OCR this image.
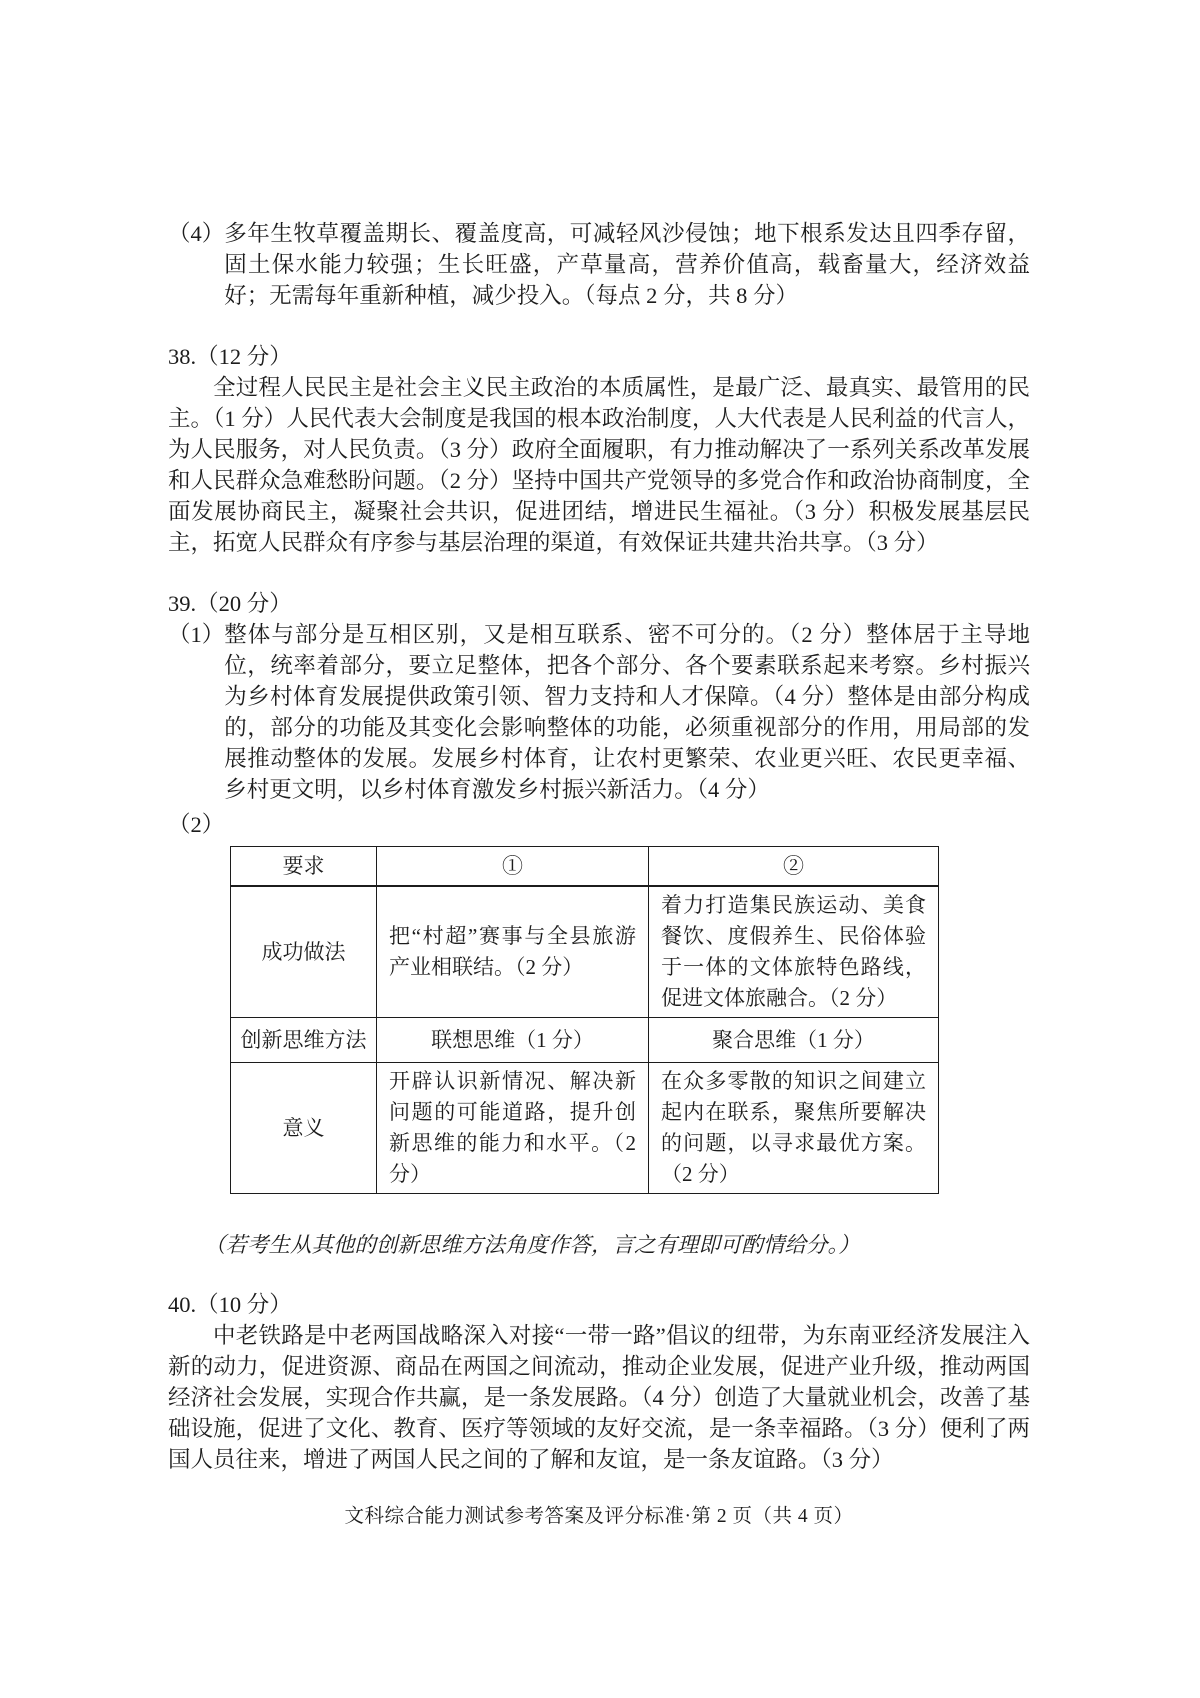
（4） 多年生牧草覆盖期长、覆盖度高，可减轻风沙侵蚀；地下根系发达且四季存留，固土保水能力较强；生长旺盛，产草量高，营养价值高，载畜量大，经济效益好；无需每年重新种植，减少投入。（每点 2 分，共 8 分）
38.（12 分）
全过程人民民主是社会主义民主政治的本质属性，是最广泛、最真实、最管用的民主。（1 分）人民代表大会制度是我国的根本政治制度，人大代表是人民利益的代言人，为人民服务，对人民负责。（3 分）政府全面履职，有力推动解决了一系列关系改革发展和人民群众急难愁盼问题。（2 分）坚持中国共产党领导的多党合作和政治协商制度，全面发展协商民主，凝聚社会共识，促进团结，增进民生福祉。（3 分）积极发展基层民主，拓宽人民群众有序参与基层治理的渠道，有效保证共建共治共享。（3 分）
39.（20 分）
（1） 整体与部分是互相区别，又是相互联系、密不可分的。（2 分）整体居于主导地位，统率着部分，要立足整体，把各个部分、各个要素联系起来考察。乡村振兴为乡村体育发展提供政策引领、智力支持和人才保障。（4 分）整体是由部分构成的，部分的功能及其变化会影响整体的功能，必须重视部分的作用，用局部的发展推动整体的发展。发展乡村体育，让农村更繁荣、农业更兴旺、农民更幸福、乡村更文明，以乡村体育激发乡村振兴新活力。（4 分）
（2）
要求	①	②
成功做法	把“村超”赛事与全县旅游产业相联结。（2 分）	着力打造集民族运动、美食餐饮、度假养生、民俗体验于一体的文体旅特色路线，促进文体旅融合。（2 分）
创新思维方法	联想思维（1 分）	聚合思维（1 分）
意义	开辟认识新情况、解决新问题的可能道路，提升创新思维的能力和水平。（2 分）	在众多零散的知识之间建立起内在联系，聚焦所要解决的问题，以寻求最优方案。（2 分）
（若考生从其他的创新思维方法角度作答，言之有理即可酌情给分。）
40.（10 分）
中老铁路是中老两国战略深入对接“一带一路”倡议的纽带，为东南亚经济发展注入新的动力，促进资源、商品在两国之间流动，推动企业发展，促进产业升级，推动两国经济社会发展，实现合作共赢，是一条发展路。（4 分）创造了大量就业机会，改善了基础设施，促进了文化、教育、医疗等领域的友好交流，是一条幸福路。（3 分）便利了两国人员往来，增进了两国人民之间的了解和友谊，是一条友谊路。（3 分）
文科综合能力测试参考答案及评分标准·第 2 页（共 4 页）
